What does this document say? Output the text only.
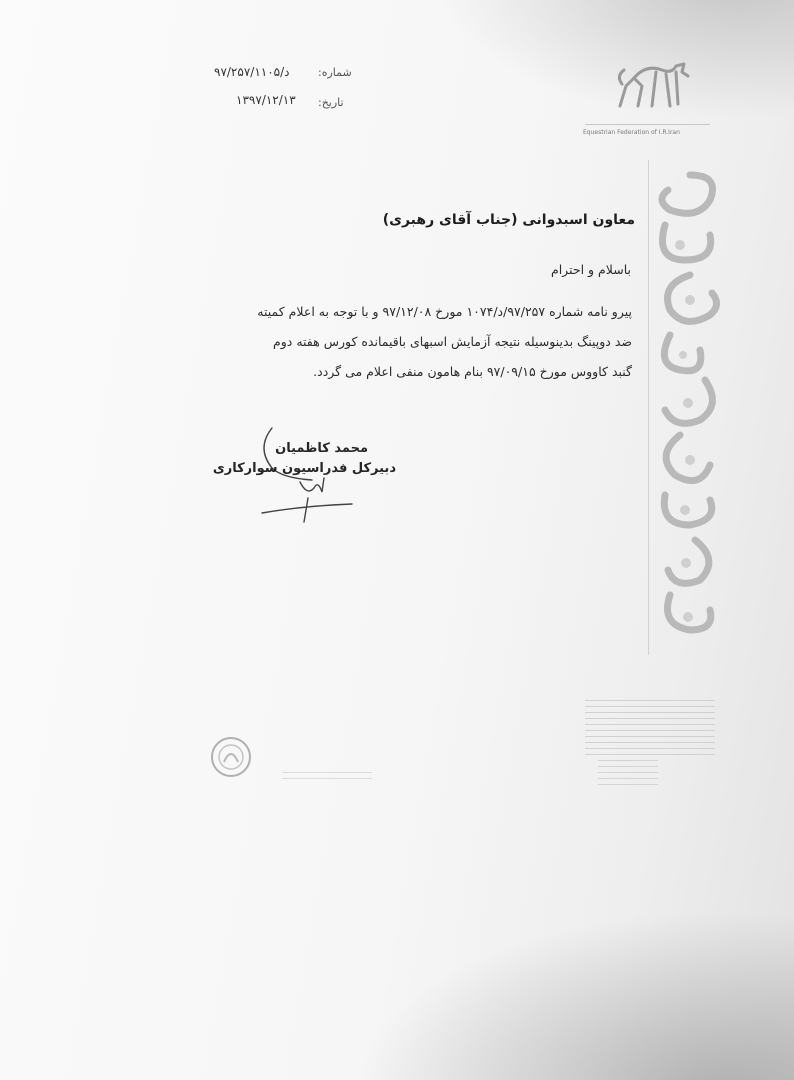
Equestrian Federation of I.R.Iran
شماره:
۹۷/۲۵۷/د/۱۱۰۵
تاریخ:
۱۳۹۷/۱۲/۱۳
معاون اسبدوانی (جناب آقای رهبری)
باسلام و احترام
پیرو نامه شماره ۹۷/۲۵۷/د/۱۰۷۴ مورخ ۹۷/۱۲/۰۸ و با توجه به اعلام کمیته
ضد دوپینگ بدینوسیله نتیجه آزمایش اسبهای باقیمانده کورس هفته دوم
گنبد کاووس مورخ ۹۷/۰۹/۱۵ بنام هامون منفی اعلام می گردد.
محمد کاظمیان
دبیرکل فدراسیون سوارکاری
